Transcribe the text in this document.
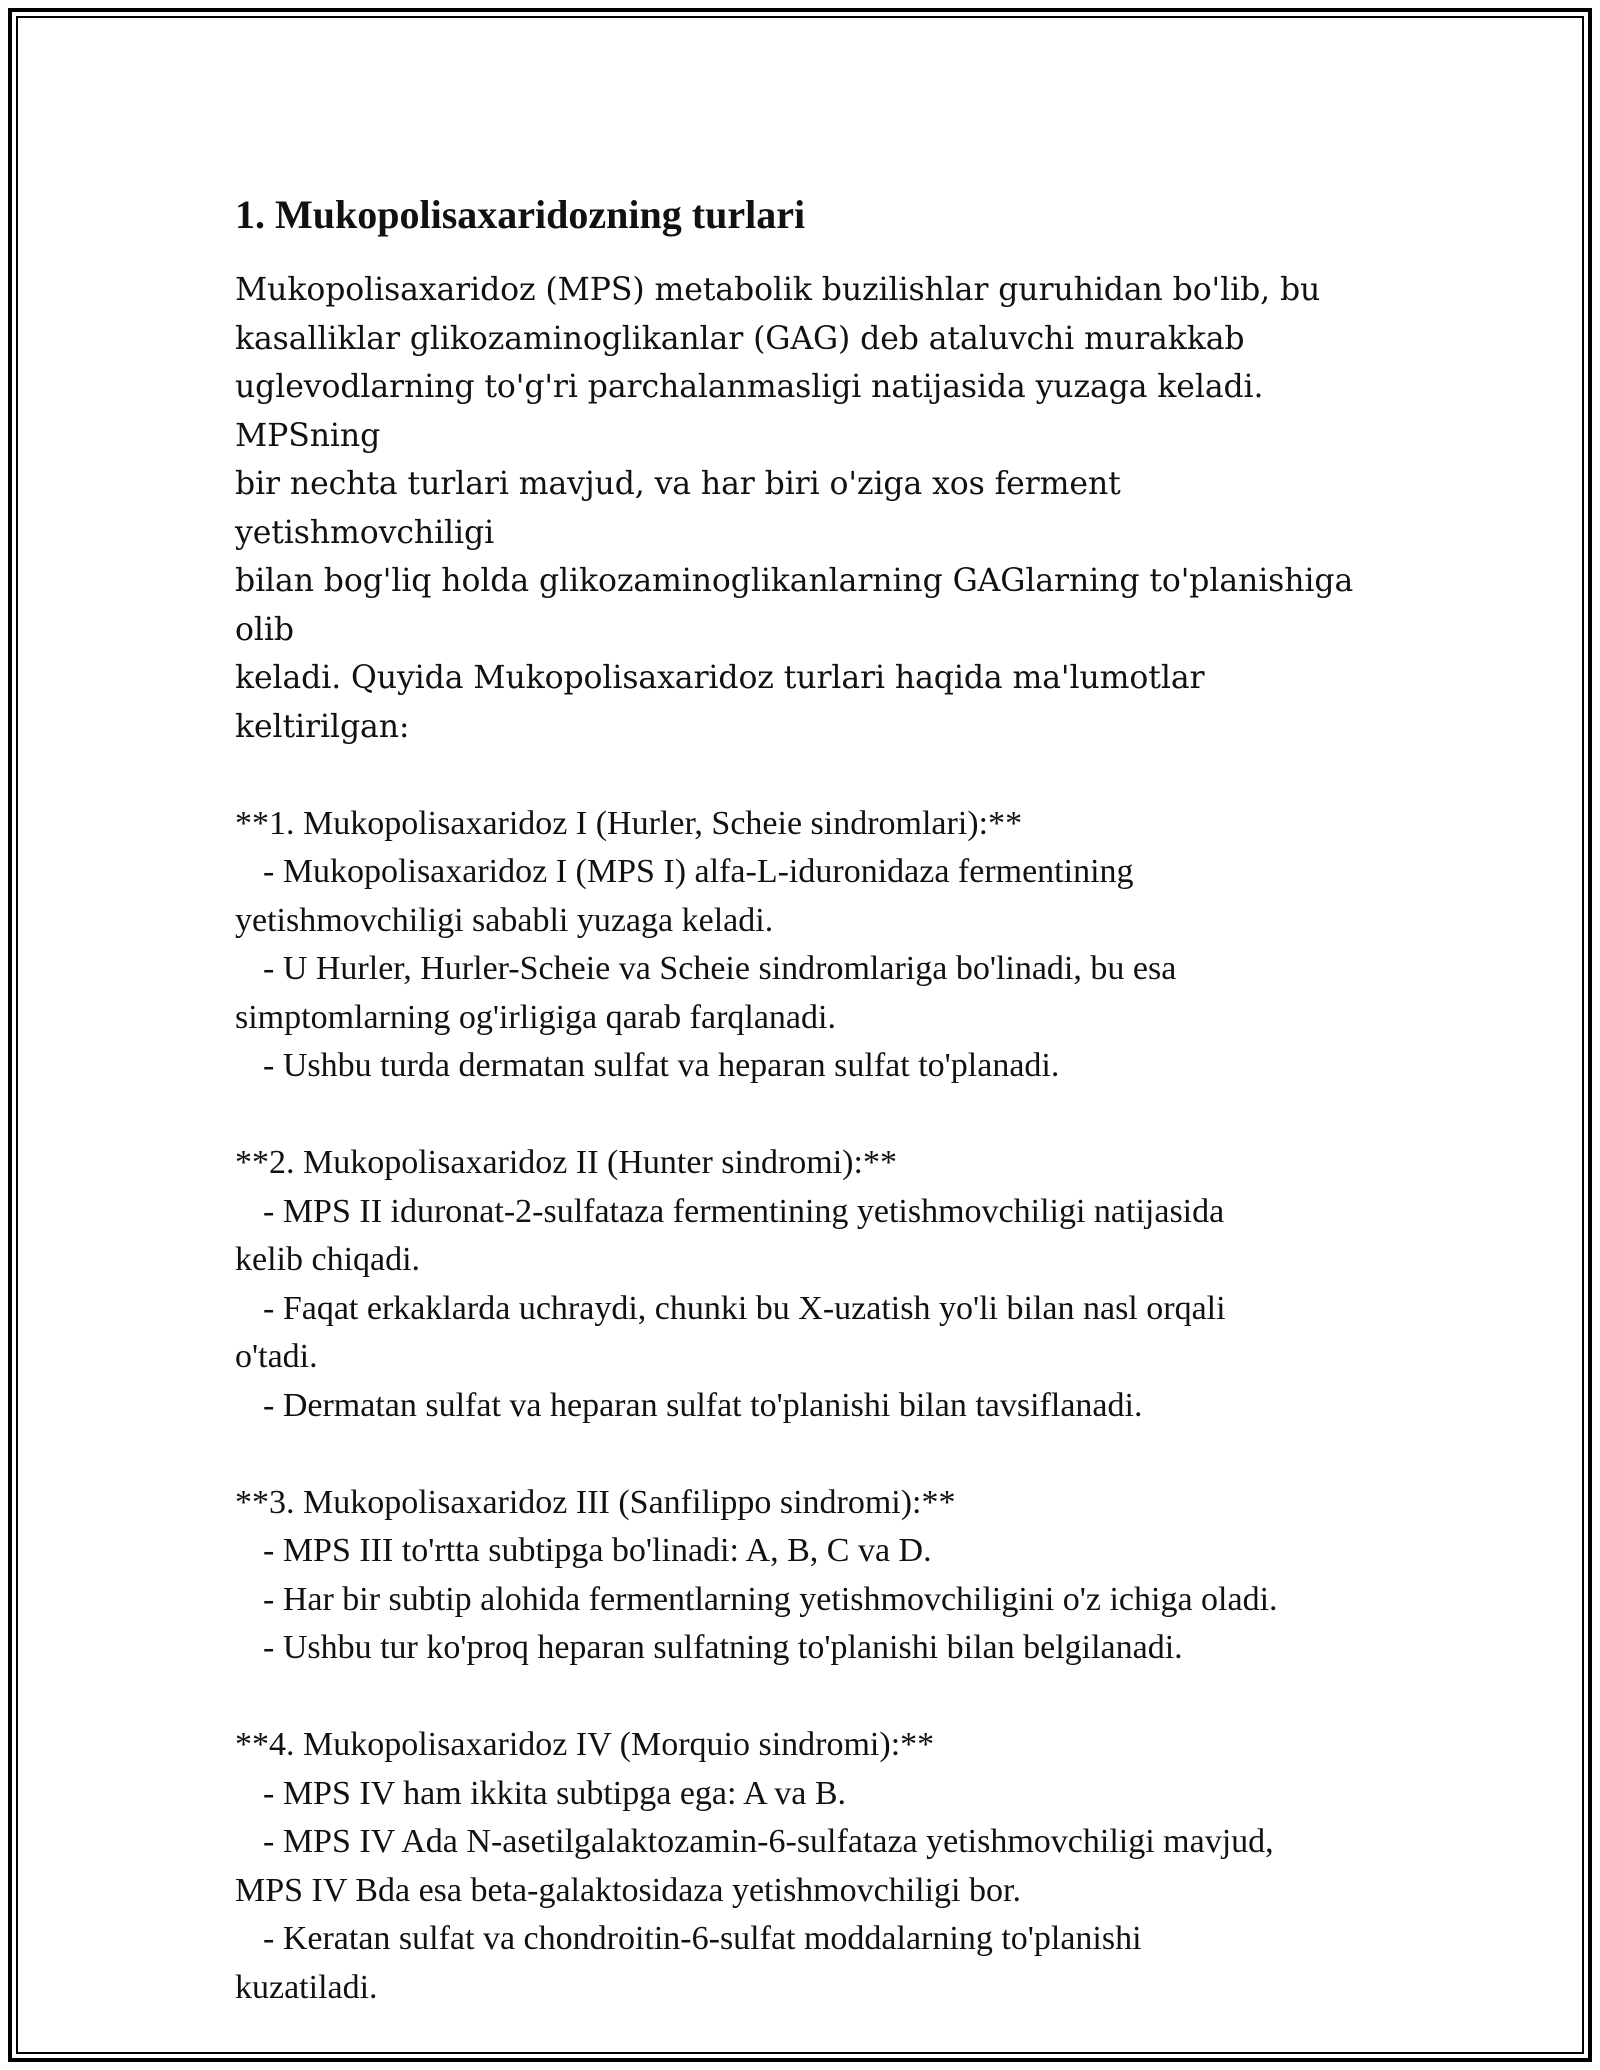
1. Mukopolisaxaridozning turlari
Mukopolisaxaridoz (MPS) metabolik buzilishlar guruhidan bo'lib, bu
kasalliklar glikozaminoglikanlar (GAG) deb ataluvchi murakkab
uglevodlarning to'g'ri parchalanmasligi natijasida yuzaga keladi. MPSning
bir nechta turlari mavjud, va har biri o'ziga xos ferment yetishmovchiligi
bilan bog'liq holda glikozaminoglikanlarning GAGlarning to'planishiga olib
keladi. Quyida Mukopolisaxaridoz turlari haqida ma'lumotlar keltirilgan:

**1. Mukopolisaxaridoz I (Hurler, Scheie sindromlari):**

- Mukopolisaxaridoz I (MPS I) alfa-L-iduronidaza fermentining

yetishmovchiligi sababli yuzaga keladi.

- U Hurler, Hurler-Scheie va Scheie sindromlariga bo'linadi, bu esa

simptomlarning og'irligiga qarab farqlanadi.

- Ushbu turda dermatan sulfat va heparan sulfat to'planadi.

**2. Mukopolisaxaridoz II (Hunter sindromi):**

- MPS II iduronat-2-sulfataza fermentining yetishmovchiligi natijasida

kelib chiqadi.

- Faqat erkaklarda uchraydi, chunki bu X-uzatish yo'li bilan nasl orqali

o'tadi.

- Dermatan sulfat va heparan sulfat to'planishi bilan tavsiflanadi.

**3. Mukopolisaxaridoz III (Sanfilippo sindromi):**

- MPS III to'rtta subtipga bo'linadi: A, B, C va D.

- Har bir subtip alohida fermentlarning yetishmovchiligini o'z ichiga oladi.

- Ushbu tur ko'proq heparan sulfatning to'planishi bilan belgilanadi.

**4. Mukopolisaxaridoz IV (Morquio sindromi):**

- MPS IV ham ikkita subtipga ega: A va B.

- MPS IV Ada N-asetilgalaktozamin-6-sulfataza yetishmovchiligi mavjud,

MPS IV Bda esa beta-galaktosidaza yetishmovchiligi bor.

- Keratan sulfat va chondroitin-6-sulfat moddalarning to'planishi

kuzatiladi.
